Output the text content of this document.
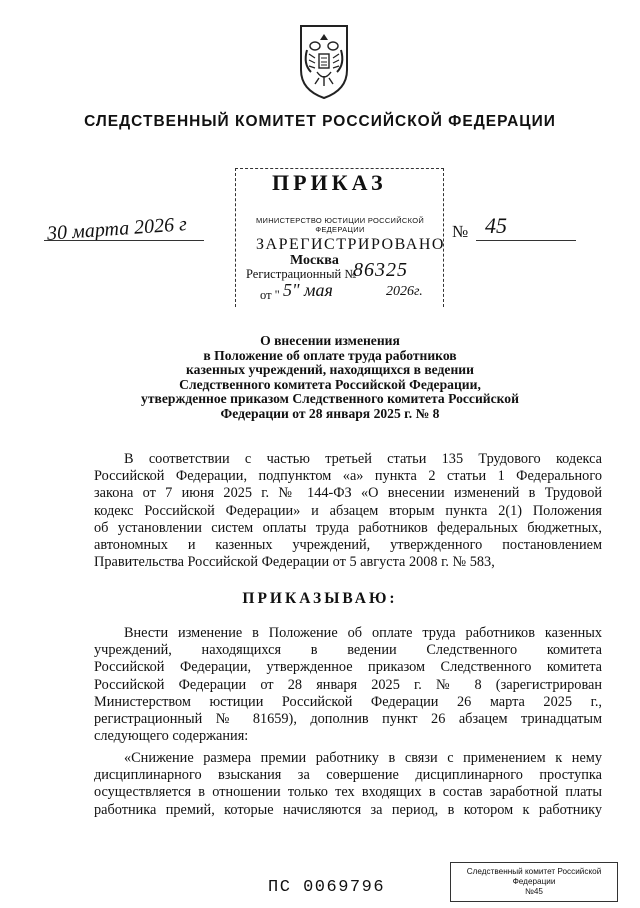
СЛЕДСТВЕННЫЙ КОМИТЕТ РОССИЙСКОЙ ФЕДЕРАЦИИ
ПРИКАЗ
МИНИСТЕРСТВО ЮСТИЦИИ РОССИЙСКОЙ ФЕДЕРАЦИИ
ЗАРЕГИСТРИРОВАНО
Москва
Регистрационный №
86325
от " 5" мая	2026г.
30 марта 2026 г	№ 45
О внесении изменения
в Положение об оплате труда работников
казенных учреждений, находящихся в ведении
Следственного комитета Российской Федерации,
утвержденное приказом Следственного комитета Российской
Федерации от 28 января 2025 г. № 8
В соответствии с частью третьей статьи 135 Трудового кодекса
Российской Федерации, подпунктом «а» пункта 2 статьи 1 Федерального
закона от 7 июня 2025 г. № 144-ФЗ «О внесении изменений в Трудовой
кодекс Российской Федерации» и абзацем вторым пункта 2(1) Положения
об установлении систем оплаты труда работников федеральных бюджетных,
автономных и казенных учреждений, утвержденного постановлением
Правительства Российской Федерации от 5 августа 2008 г. № 583,
ПРИКАЗЫВАЮ:
Внести изменение в Положение об оплате труда работников казенных
учреждений, находящихся в ведении Следственного комитета
Российской Федерации, утвержденное приказом Следственного комитета
Российской Федерации от 28 января 2025 г. № 8 (зарегистрирован
Министерством юстиции Российской Федерации 26 марта 2025 г.,
регистрационный № 81659), дополнив пункт 26 абзацем тринадцатым
следующего содержания:
«Снижение размера премии работнику в связи с применением к нему
дисциплинарного взыскания за совершение дисциплинарного проступка
осуществляется в отношении только тех входящих в состав заработной платы
работника премий, которые начисляются за период, в котором к работнику
ПС 0069796
Следственный комитет Российской
Федерации
№45
